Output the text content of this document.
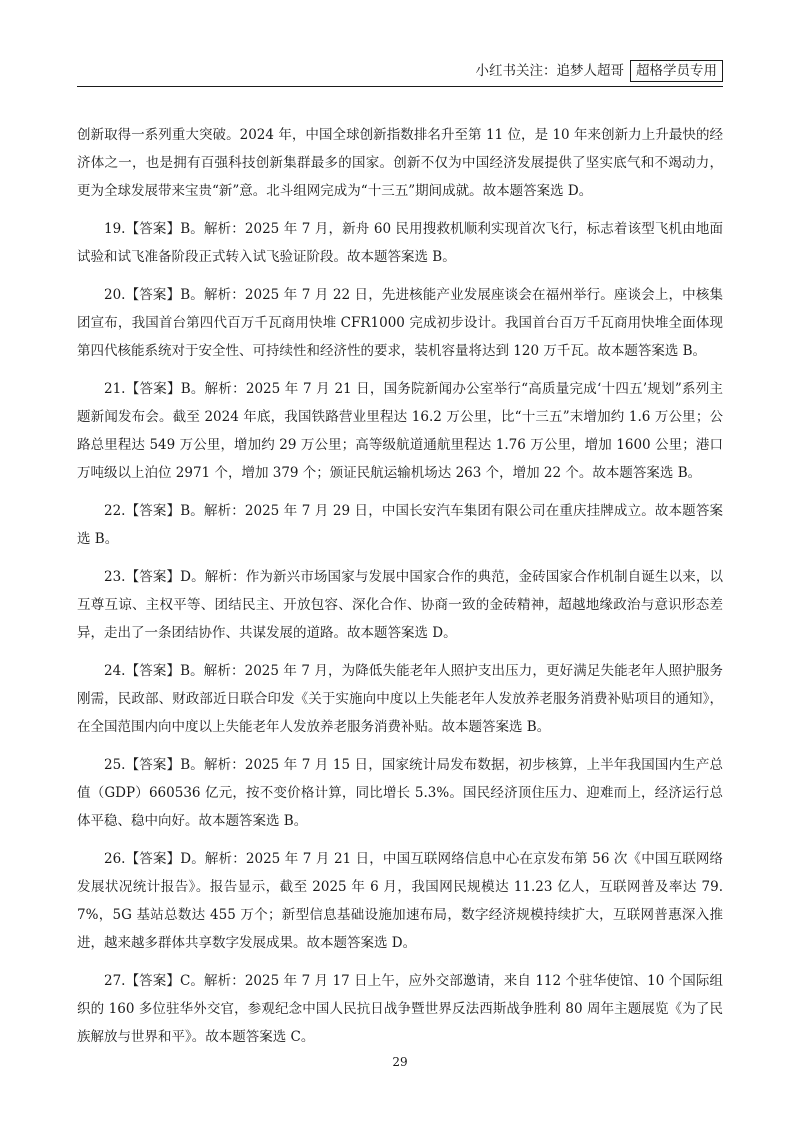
小红书关注：追梦人超哥 超格学员专用

创新取得一系列重大突破。2024 年，中国全球创新指数排名升至第 11 位，是 10 年来创新力上升最快的经济体之一，也是拥有百强科技创新集群最多的国家。创新不仅为中国经济发展提供了坚实底气和不竭动力，更为全球发展带来宝贵“新”意。北斗组网完成为“十三五”期间成就。故本题答案选 D。

19.【答案】B。解析：2025 年 7 月，新舟 60 民用搜救机顺利实现首次飞行，标志着该型飞机由地面试验和试飞准备阶段正式转入试飞验证阶段。故本题答案选 B。

20.【答案】B。解析：2025 年 7 月 22 日，先进核能产业发展座谈会在福州举行。座谈会上，中核集团宣布，我国首台第四代百万千瓦商用快堆 CFR1000 完成初步设计。我国首台百万千瓦商用快堆全面体现第四代核能系统对于安全性、可持续性和经济性的要求，装机容量将达到 120 万千瓦。故本题答案选 B。

21.【答案】B。解析：2025 年 7 月 21 日，国务院新闻办公室举行“高质量完成‘十四五’规划”系列主题新闻发布会。截至 2024 年底，我国铁路营业里程达 16.2 万公里，比“十三五”末增加约 1.6 万公里；公路总里程达 549 万公里，增加约 29 万公里；高等级航道通航里程达 1.76 万公里，增加 1600 公里；港口万吨级以上泊位 2971 个，增加 379 个；颁证民航运输机场达 263 个，增加 22 个。故本题答案选 B。

22.【答案】B。解析：2025 年 7 月 29 日，中国长安汽车集团有限公司在重庆挂牌成立。故本题答案选 B。

23.【答案】D。解析：作为新兴市场国家与发展中国家合作的典范，金砖国家合作机制自诞生以来，以互尊互谅、主权平等、团结民主、开放包容、深化合作、协商一致的金砖精神，超越地缘政治与意识形态差异，走出了一条团结协作、共谋发展的道路。故本题答案选 D。

24.【答案】B。解析：2025 年 7 月，为降低失能老年人照护支出压力，更好满足失能老年人照护服务刚需，民政部、财政部近日联合印发《关于实施向中度以上失能老年人发放养老服务消费补贴项目的通知》，在全国范围内向中度以上失能老年人发放养老服务消费补贴。故本题答案选 B。

25.【答案】B。解析：2025 年 7 月 15 日，国家统计局发布数据，初步核算，上半年我国国内生产总值（GDP）660536 亿元，按不变价格计算，同比增长 5.3%。国民经济顶住压力、迎难而上，经济运行总体平稳、稳中向好。故本题答案选 B。

26.【答案】D。解析：2025 年 7 月 21 日，中国互联网络信息中心在京发布第 56 次《中国互联网络发展状况统计报告》。报告显示，截至 2025 年 6 月，我国网民规模达 11.23 亿人，互联网普及率达 79.7%，5G 基站总数达 455 万个；新型信息基础设施加速布局，数字经济规模持续扩大，互联网普惠深入推进，越来越多群体共享数字发展成果。故本题答案选 D。

27.【答案】C。解析：2025 年 7 月 17 日上午，应外交部邀请，来自 112 个驻华使馆、10 个国际组织的 160 多位驻华外交官，参观纪念中国人民抗日战争暨世界反法西斯战争胜利 80 周年主题展览《为了民族解放与世界和平》。故本题答案选 C。

29
